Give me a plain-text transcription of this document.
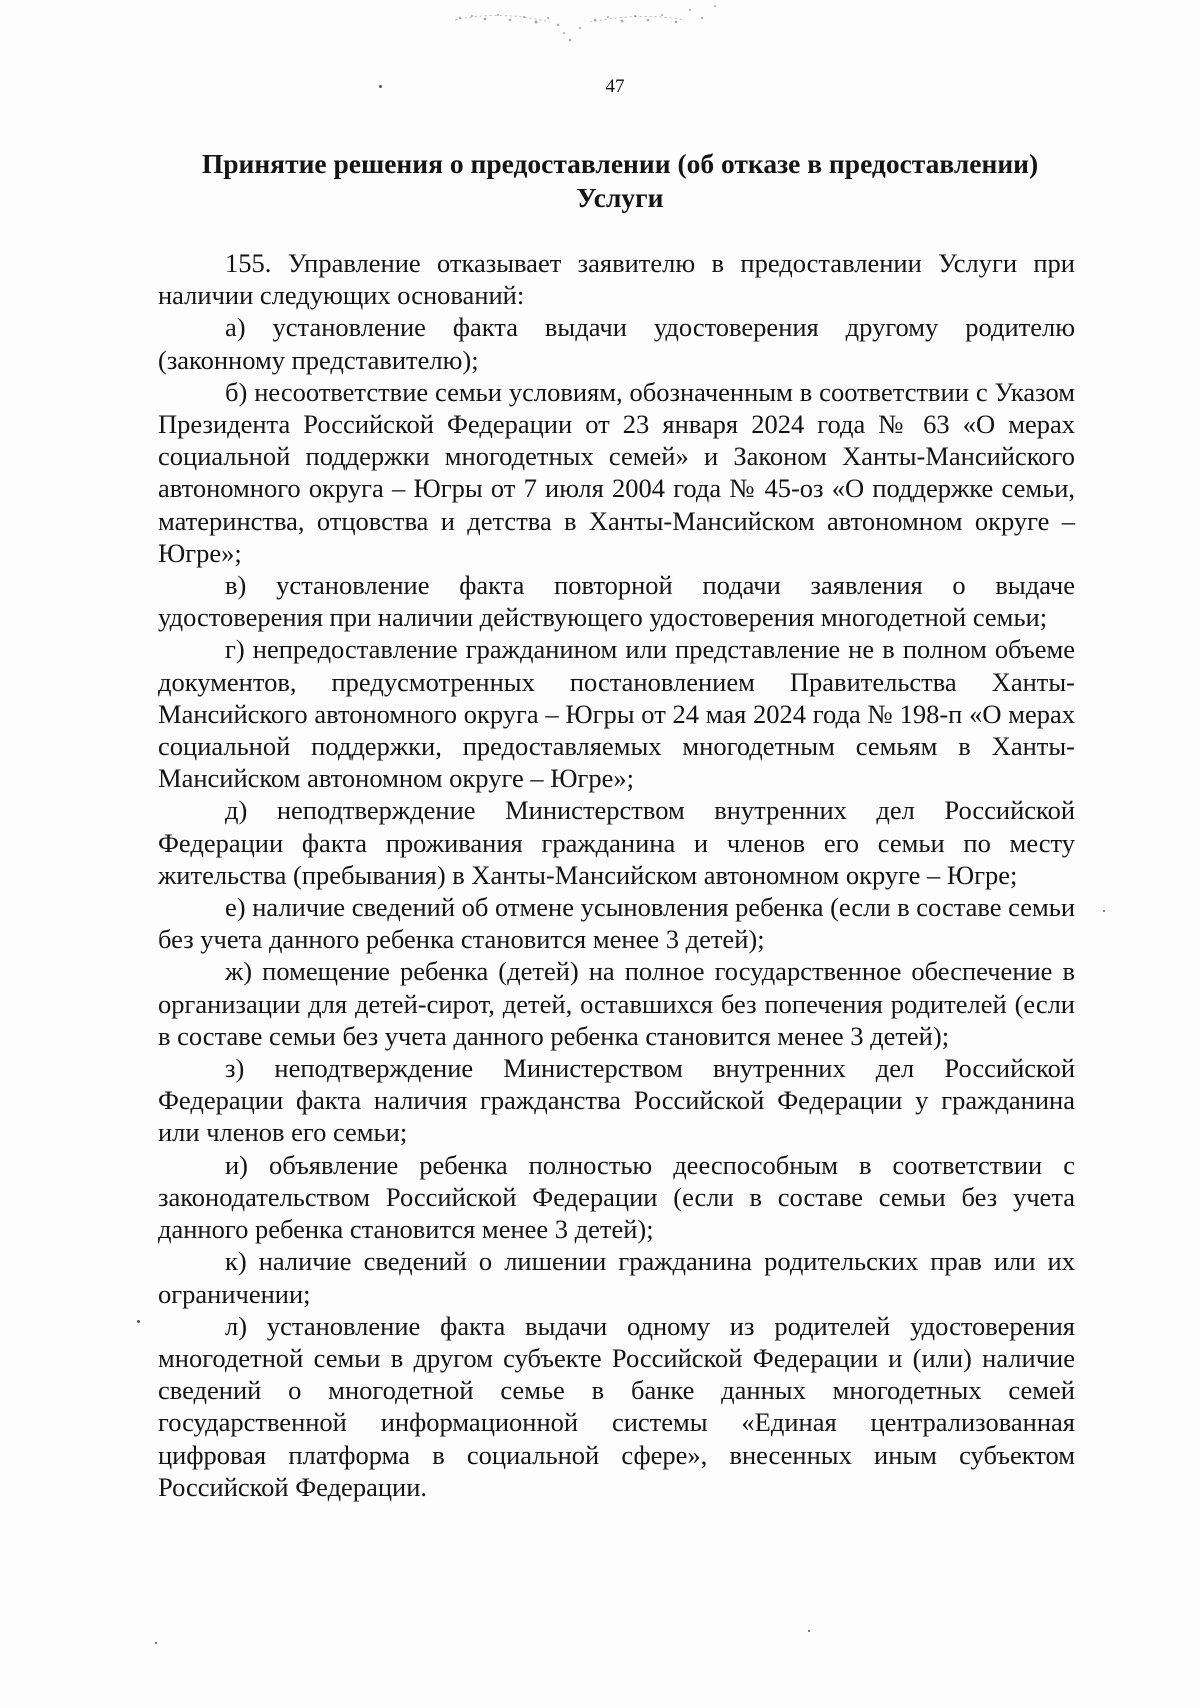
47
Принятие решения о предоставлении (об отказе в предоставлении)
Услуги

155. Управление отказывает заявителю в предоставлении Услуги при наличии следующих оснований:

а) установление факта выдачи удостоверения другому родителю (законному представителю);

б) несоответствие семьи условиям, обозначенным в соответствии с Указом Президента Российской Федерации от 23 января 2024 года № 63 «О мерах социальной поддержки многодетных семей» и Законом Ханты-Мансийского автономного округа – Югры от 7 июля 2004 года № 45-оз «О поддержке семьи, материнства, отцовства и детства в Ханты-Мансийском автономном округе – Югре»;

в) установление факта повторной подачи заявления о выдаче удостоверения при наличии действующего удостоверения многодетной семьи;

г) непредоставление гражданином или представление не в полном объеме документов, предусмотренных постановлением Правительства Ханты-Мансийского автономного округа – Югры от 24 мая 2024 года № 198-п «О мерах социальной поддержки, предоставляемых многодетным семьям в Ханты-Мансийском автономном округе – Югре»;

д) неподтверждение Министерством внутренних дел Российской Федерации факта проживания гражданина и членов его семьи по месту жительства (пребывания) в Ханты-Мансийском автономном округе – Югре;

е) наличие сведений об отмене усыновления ребенка (если в составе семьи без учета данного ребенка становится менее 3 детей);

ж) помещение ребенка (детей) на полное государственное обеспечение в организации для детей-сирот, детей, оставшихся без попечения родителей (если в составе семьи без учета данного ребенка становится менее 3 детей);

з) неподтверждение Министерством внутренних дел Российской Федерации факта наличия гражданства Российской Федерации у гражданина или членов его семьи;

и) объявление ребенка полностью дееспособным в соответствии с законодательством Российской Федерации (если в составе семьи без учета данного ребенка становится менее 3 детей);

к) наличие сведений о лишении гражданина родительских прав или их ограничении;

л) установление факта выдачи одному из родителей удостоверения многодетной семьи в другом субъекте Российской Федерации и (или) наличие сведений о многодетной семье в банке данных многодетных семей государственной информационной системы «Единая централизованная цифровая платформа в социальной сфере», внесенных иным субъектом Российской Федерации.
